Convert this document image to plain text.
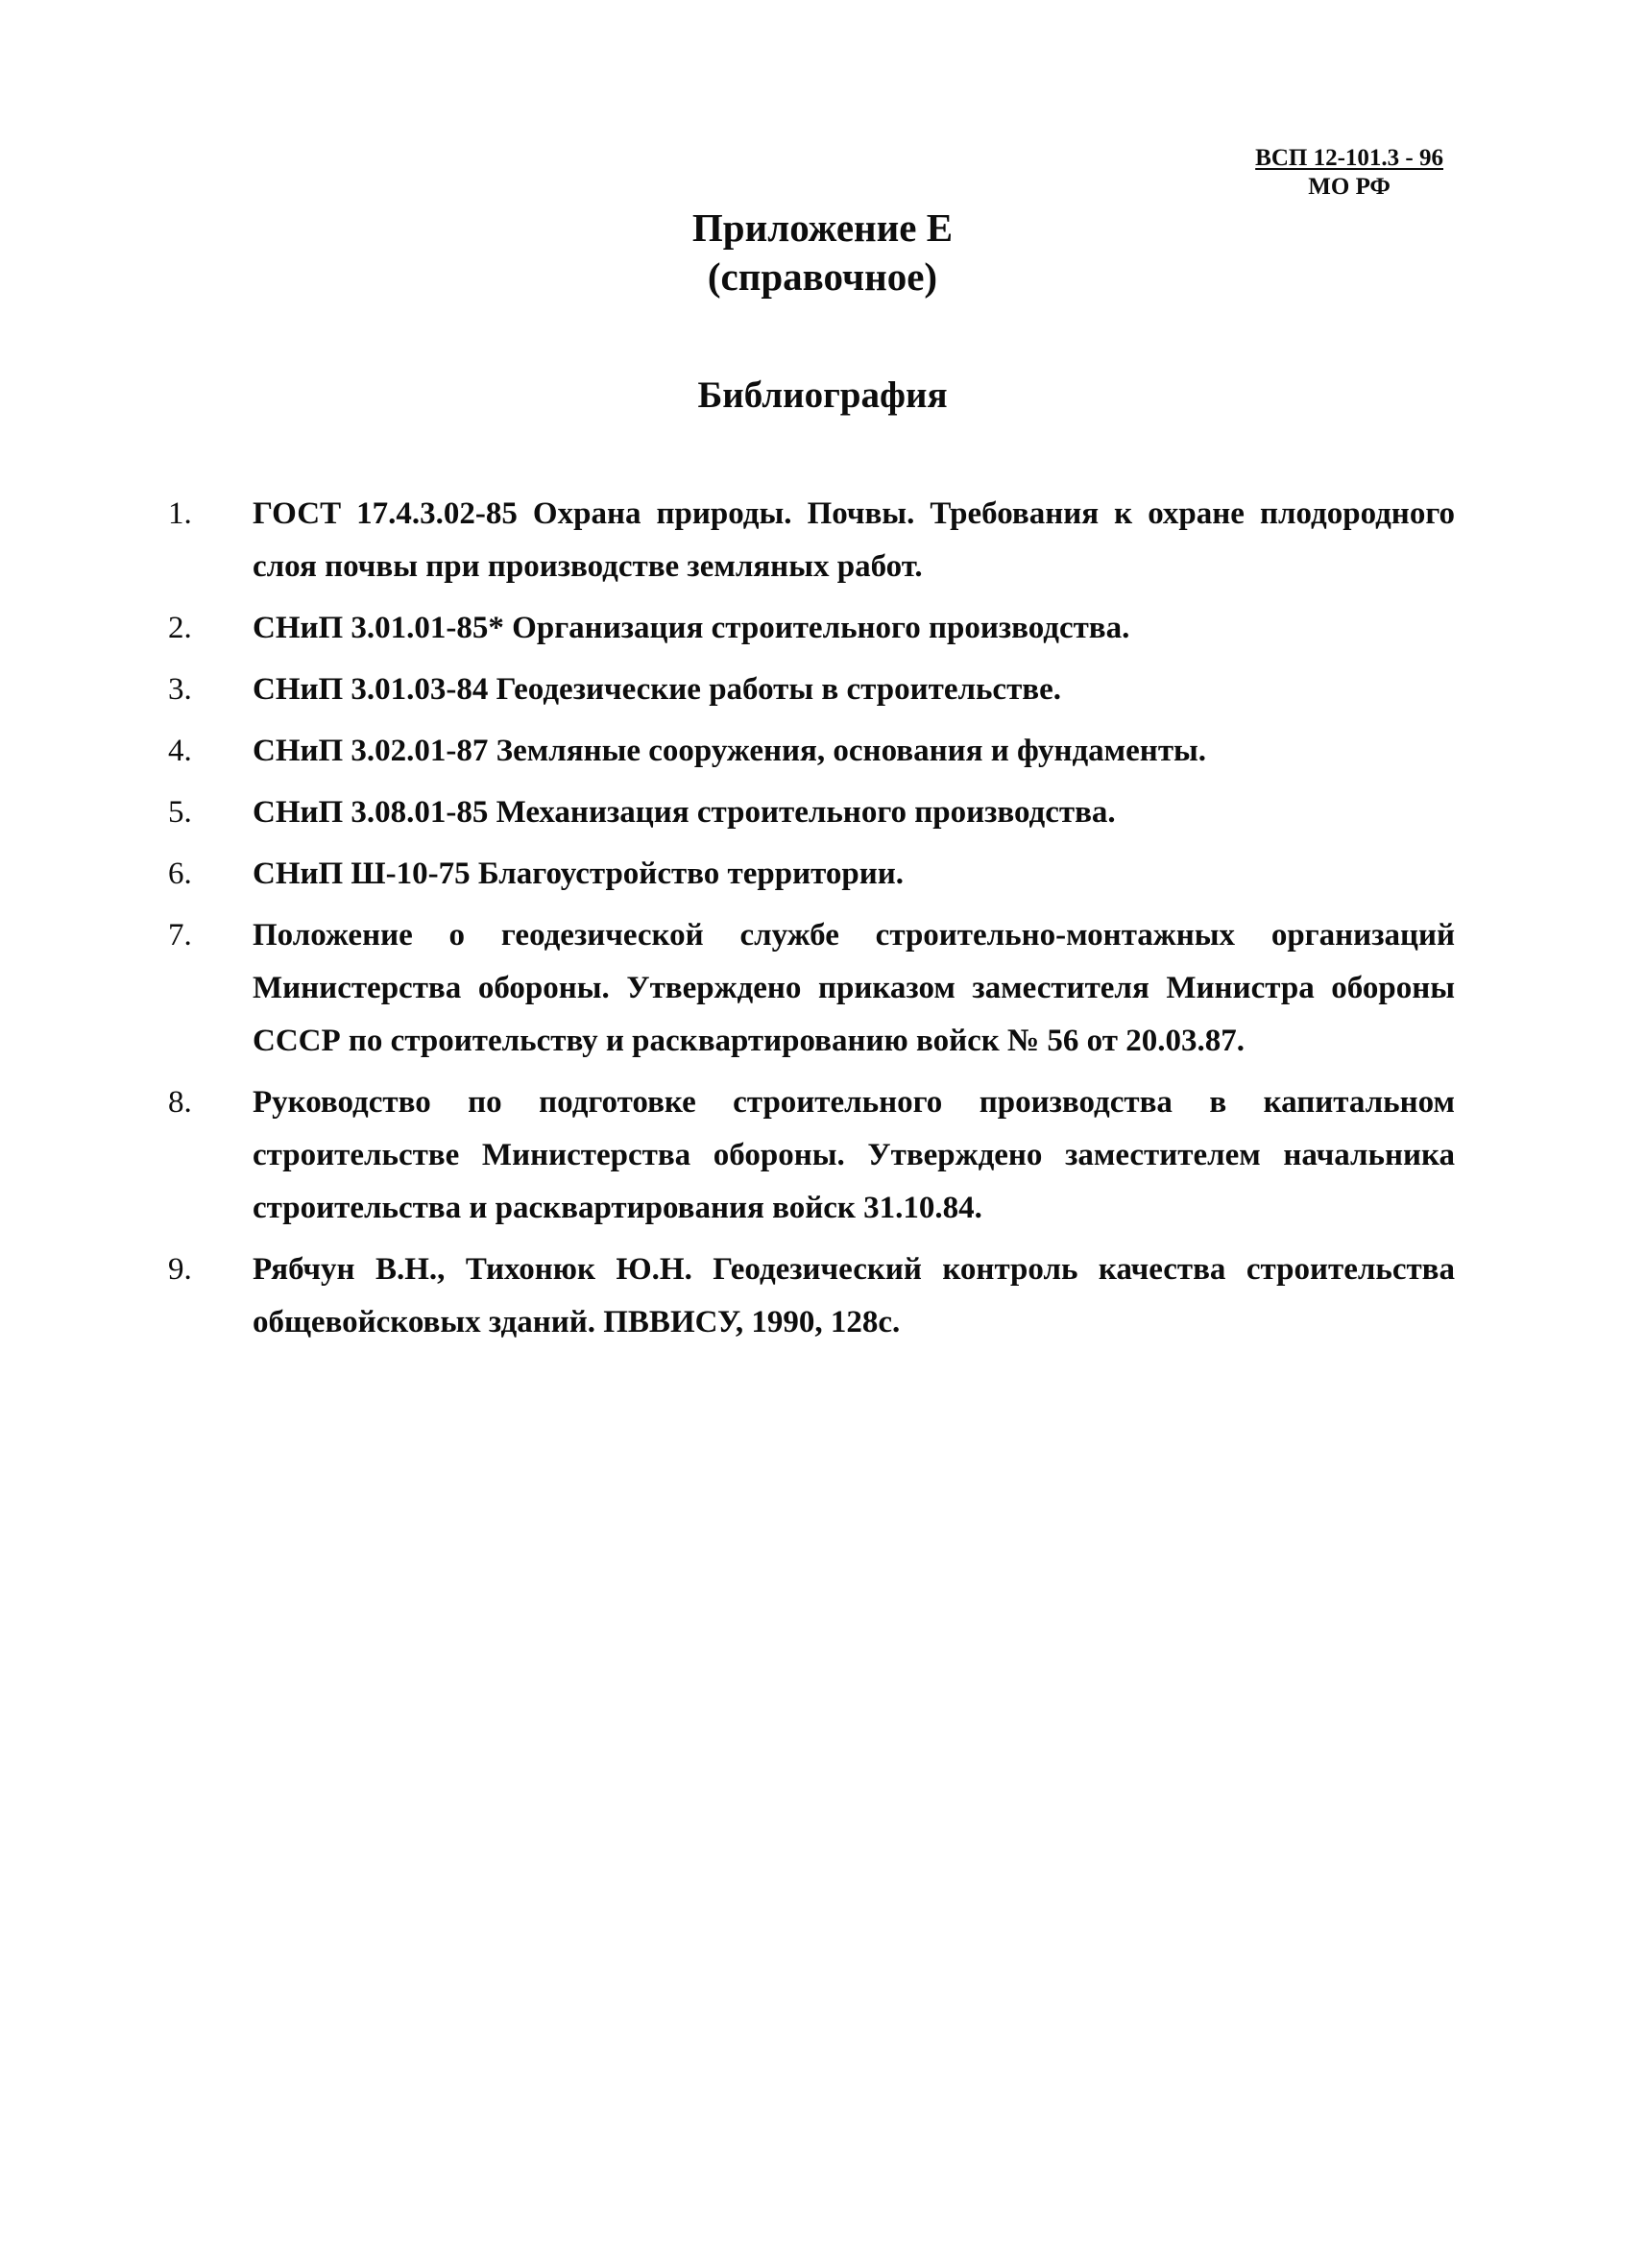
ВСП 12-101.3 - 96
МО РФ
Приложение Е
(справочное)
Библиография
1. ГОСТ 17.4.3.02-85 Охрана природы. Почвы. Требования к охране плодородного слоя почвы при производстве земляных работ.
2. СНиП 3.01.01-85* Организация строительного производства.
3. СНиП 3.01.03-84 Геодезические работы в строительстве.
4. СНиП 3.02.01-87 Земляные сооружения, основания и фундаменты.
5. СНиП 3.08.01-85 Механизация строительного производства.
6. СНиП Ш-10-75 Благоустройство территории.
7. Положение о геодезической службе строительно-монтажных организаций Министерства обороны. Утверждено приказом заместителя Министра обороны СССР по строительству и расквартированию войск № 56 от 20.03.87.
8. Руководство по подготовке строительного производства в капитальном строительстве Министерства обороны. Утверждено заместителем начальника строительства и расквартирования войск 31.10.84.
9. Рябчун В.Н., Тихонюк Ю.Н. Геодезический контроль качества строительства общевойсковых зданий. ПВВИСУ, 1990, 128с.
